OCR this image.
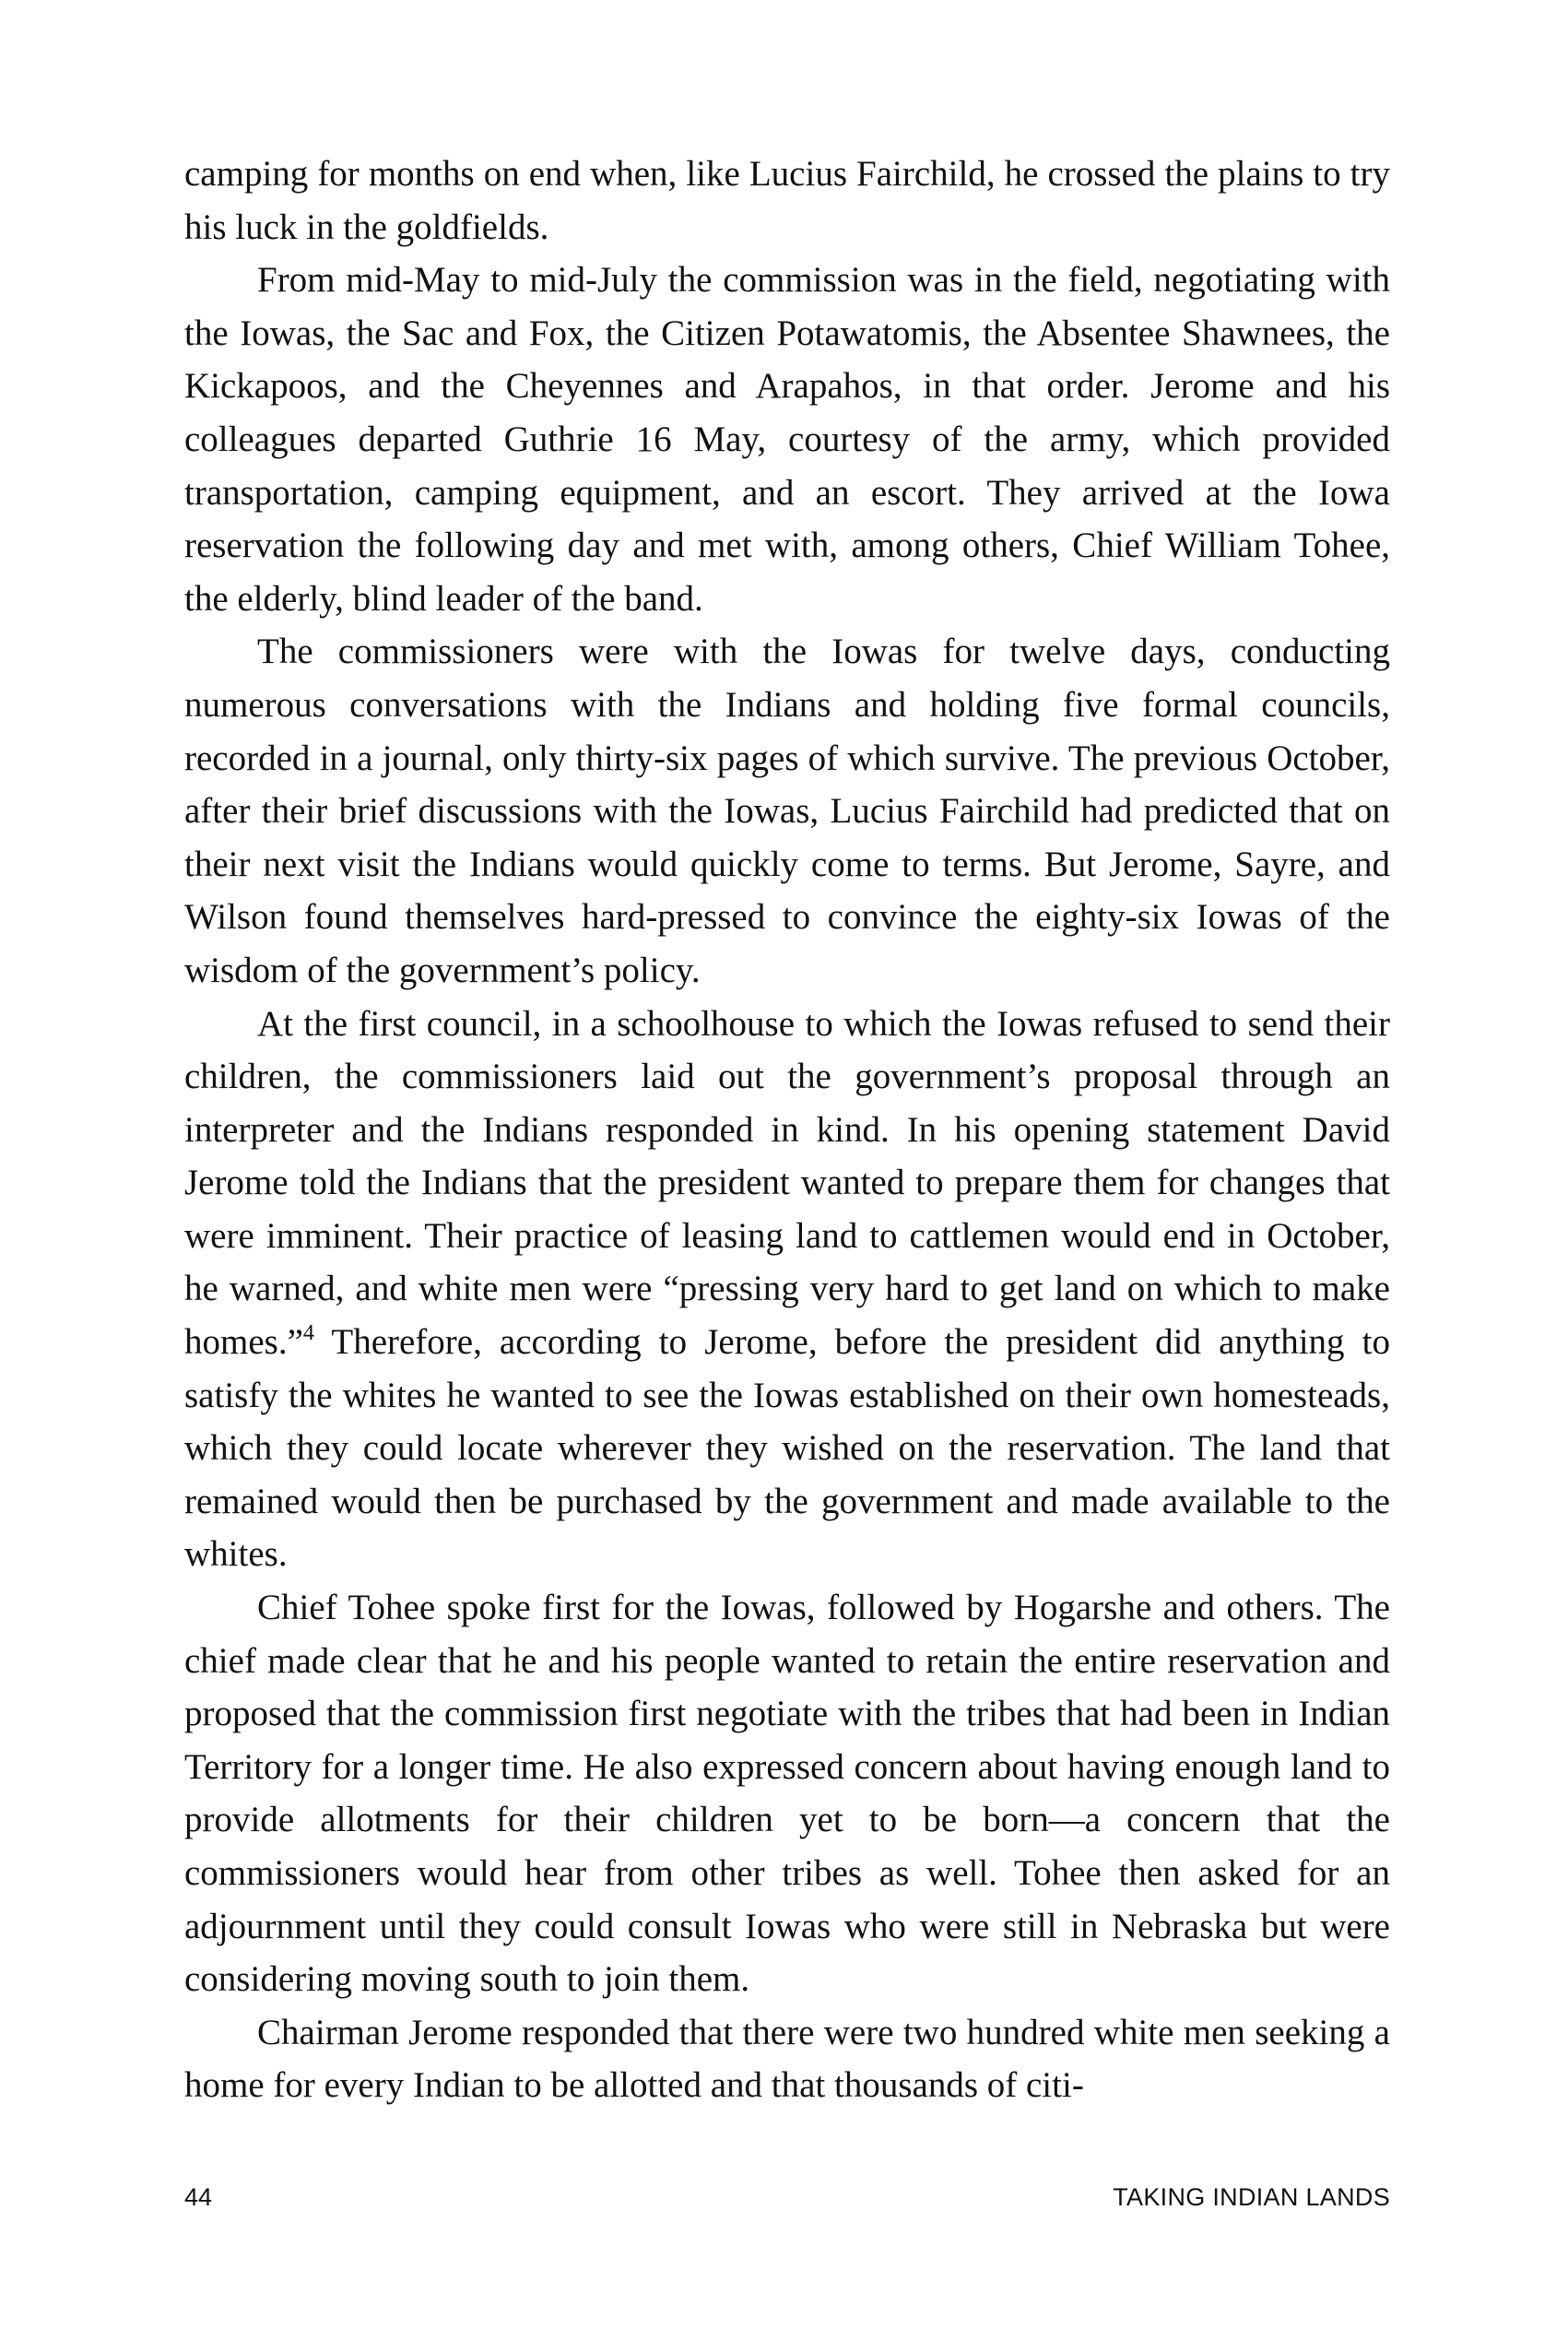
camping for months on end when, like Lucius Fairchild, he crossed the plains to try his luck in the goldfields.

From mid-May to mid-July the commission was in the field, negotiating with the Iowas, the Sac and Fox, the Citizen Potawatomis, the Absentee Shawnees, the Kickapoos, and the Cheyennes and Arapahos, in that order. Jerome and his colleagues departed Guthrie 16 May, courtesy of the army, which provided transportation, camping equipment, and an escort. They arrived at the Iowa reservation the following day and met with, among others, Chief William Tohee, the elderly, blind leader of the band.

The commissioners were with the Iowas for twelve days, conducting numerous conversations with the Indians and holding five formal councils, recorded in a journal, only thirty-six pages of which survive. The previous October, after their brief discussions with the Iowas, Lucius Fairchild had predicted that on their next visit the Indians would quickly come to terms. But Jerome, Sayre, and Wilson found themselves hard-pressed to convince the eighty-six Iowas of the wisdom of the government’s policy.

At the first council, in a schoolhouse to which the Iowas refused to send their children, the commissioners laid out the government’s proposal through an interpreter and the Indians responded in kind. In his opening statement David Jerome told the Indians that the president wanted to prepare them for changes that were imminent. Their practice of leasing land to cattlemen would end in October, he warned, and white men were “pressing very hard to get land on which to make homes.”$^4$ Therefore, according to Jerome, before the president did anything to satisfy the whites he wanted to see the Iowas established on their own homesteads, which they could locate wherever they wished on the reservation. The land that remained would then be purchased by the government and made available to the whites.

Chief Tohee spoke first for the Iowas, followed by Hogarshe and others. The chief made clear that he and his people wanted to retain the entire reservation and proposed that the commission first negotiate with the tribes that had been in Indian Territory for a longer time. He also expressed concern about having enough land to provide allotments for their children yet to be born—a concern that the commissioners would hear from other tribes as well. Tohee then asked for an adjournment until they could consult Iowas who were still in Nebraska but were considering moving south to join them.

Chairman Jerome responded that there were two hundred white men seeking a home for every Indian to be allotted and that thousands of citi-

44	TAKING INDIAN LANDS
